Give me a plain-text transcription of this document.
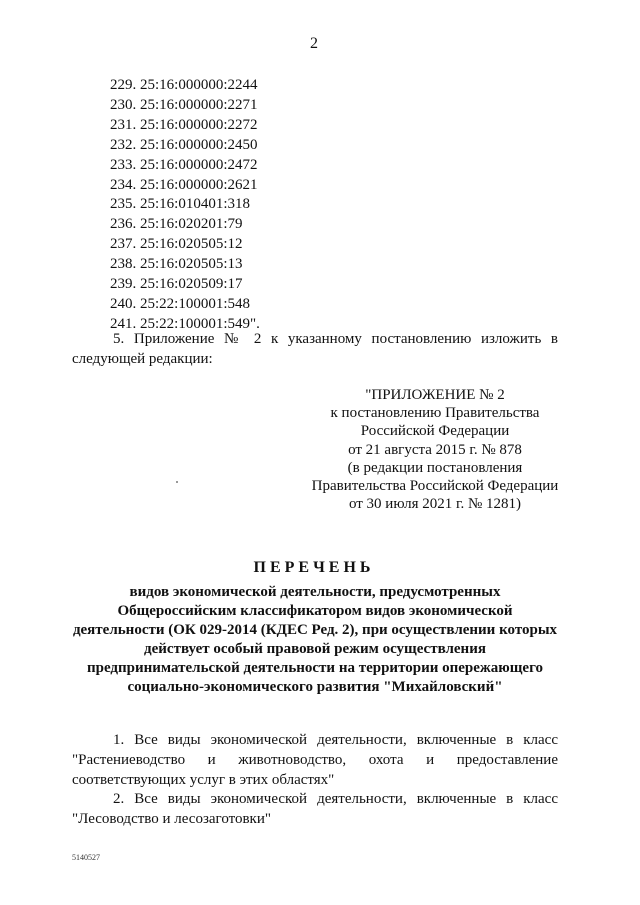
2
229. 25:16:000000:2244
230. 25:16:000000:2271
231. 25:16:000000:2272
232. 25:16:000000:2450
233. 25:16:000000:2472
234. 25:16:000000:2621
235. 25:16:010401:318
236. 25:16:020201:79
237. 25:16:020505:12
238. 25:16:020505:13
239. 25:16:020509:17
240. 25:22:100001:548
241. 25:22:100001:549".
5. Приложение № 2 к указанному постановлению изложить в следующей редакции:
"ПРИЛОЖЕНИЕ № 2
к постановлению Правительства
Российской Федерации
от 21 августа 2015 г. № 878
(в редакции постановления
Правительства Российской Федерации
от 30 июля 2021 г. № 1281)
ПЕРЕЧЕНЬ
видов экономической деятельности, предусмотренных
Общероссийским классификатором видов экономической
деятельности (ОК 029-2014 (КДЕС Ред. 2), при осуществлении которых
действует особый правовой режим осуществления
предпринимательской деятельности на территории опережающего
социально-экономического развития "Михайловский"
1. Все виды экономической деятельности, включенные в класс
"Растениеводство и животноводство, охота и предоставление
соответствующих услуг в этих областях"
2. Все виды экономической деятельности, включенные в класс
"Лесоводство и лесозаготовки"
5140527
